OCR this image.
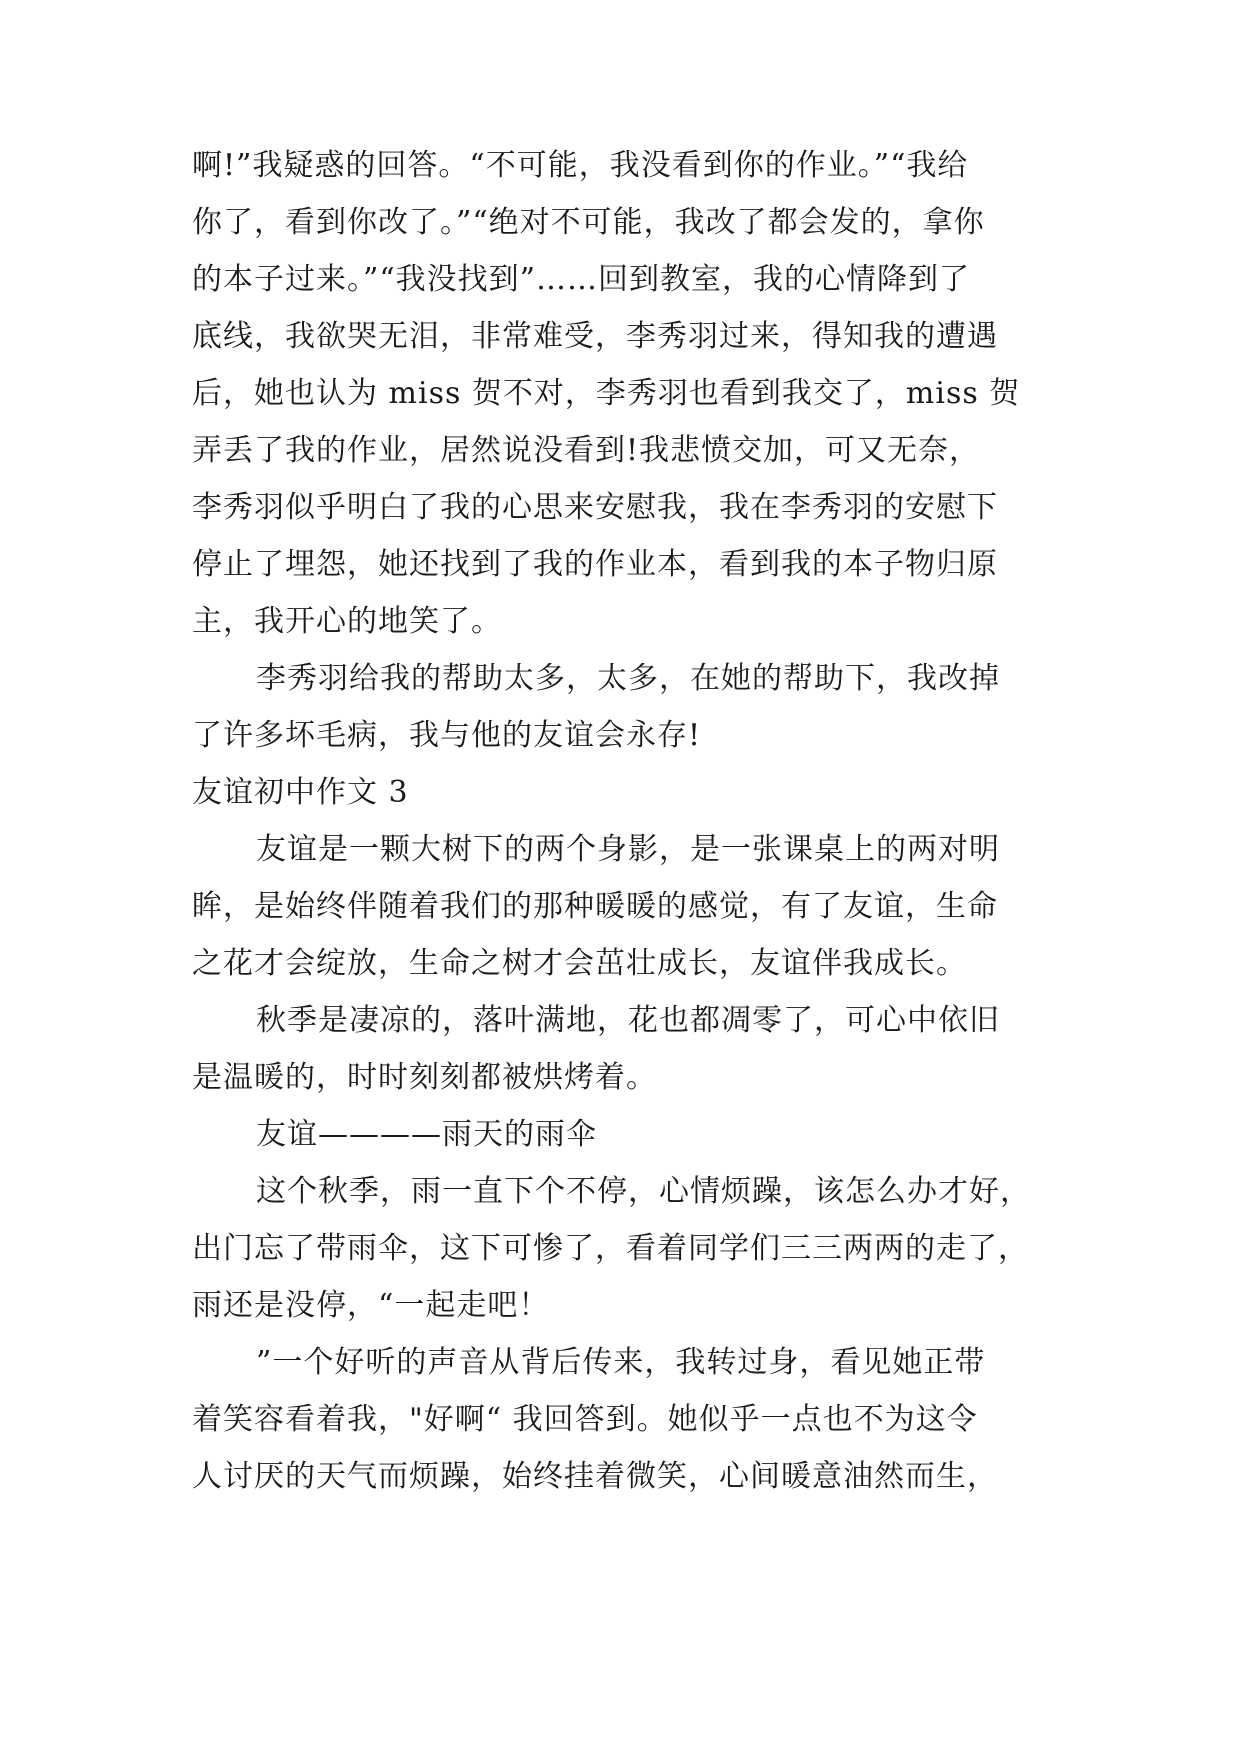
啊!”我疑惑的回答。“不可能，我没看到你的作业。”“我给
你了，看到你改了。”“绝对不可能，我改了都会发的，拿你
的本子过来。”“我没找到”……回到教室，我的心情降到了
底线，我欲哭无泪，非常难受，李秀羽过来，得知我的遭遇
后，她也认为 miss 贺不对，李秀羽也看到我交了，miss 贺
弄丢了我的作业，居然说没看到!我悲愤交加，可又无奈，
李秀羽似乎明白了我的心思来安慰我，我在李秀羽的安慰下
停止了埋怨，她还找到了我的作业本，看到我的本子物归原
主，我开心的地笑了。
李秀羽给我的帮助太多，太多，在她的帮助下，我改掉
了许多坏毛病，我与他的友谊会永存!
友谊初中作文 3
友谊是一颗大树下的两个身影，是一张课桌上的两对明
眸，是始终伴随着我们的那种暖暖的感觉，有了友谊，生命
之花才会绽放，生命之树才会茁壮成长，友谊伴我成长。
秋季是凄凉的，落叶满地，花也都凋零了，可心中依旧
是温暖的，时时刻刻都被烘烤着。
友谊————雨天的雨伞
这个秋季，雨一直下个不停，心情烦躁，该怎么办才好，
出门忘了带雨伞，这下可惨了，看着同学们三三两两的走了，
雨还是没停，“一起走吧！
”一个好听的声音从背后传来，我转过身，看见她正带
着笑容看着我，"好啊“ 我回答到。她似乎一点也不为这令
人讨厌的天气而烦躁，始终挂着微笑，心间暖意油然而生，
